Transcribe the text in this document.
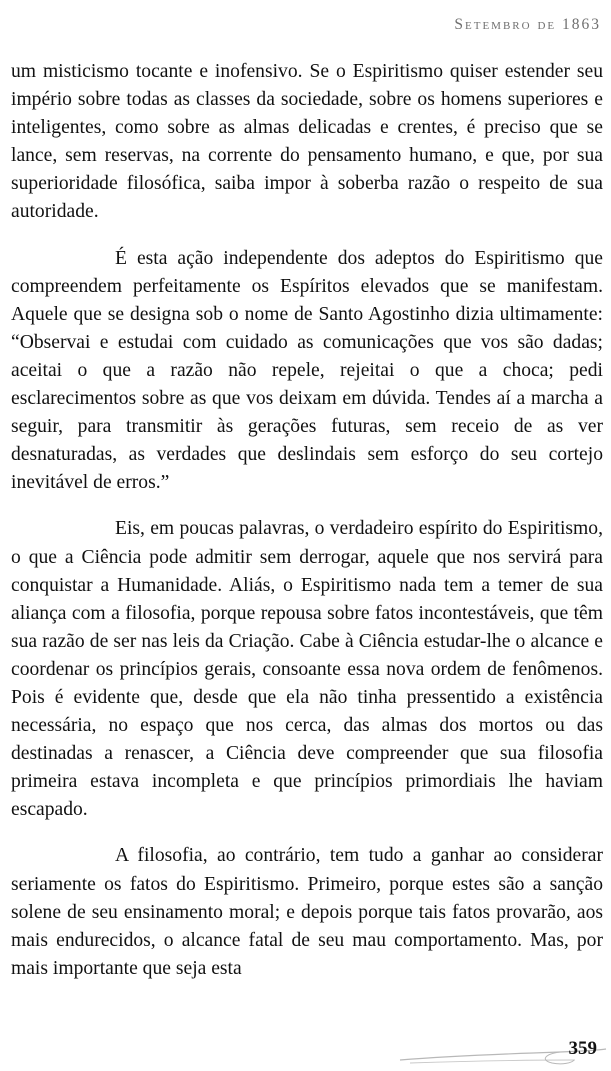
Setembro de 1863

um misticismo tocante e inofensivo. Se o Espiritismo quiser estender seu império sobre todas as classes da sociedade, sobre os homens superiores e inteligentes, como sobre as almas delicadas e crentes, é preciso que se lance, sem reservas, na corrente do pensamento humano, e que, por sua superioridade filosófica, saiba impor à soberba razão o respeito de sua autoridade.

É esta ação independente dos adeptos do Espiritismo que compreendem perfeitamente os Espíritos elevados que se manifestam. Aquele que se designa sob o nome de Santo Agostinho dizia ultimamente: “Observai e estudai com cuidado as comunicações que vos são dadas; aceitai o que a razão não repele, rejeitai o que a choca; pedi esclarecimentos sobre as que vos deixam em dúvida. Tendes aí a marcha a seguir, para transmitir às gerações futuras, sem receio de as ver desnaturadas, as verdades que deslindais sem esforço do seu cortejo inevitável de erros.”

Eis, em poucas palavras, o verdadeiro espírito do Espiritismo, o que a Ciência pode admitir sem derrogar, aquele que nos servirá para conquistar a Humanidade. Aliás, o Espiritismo nada tem a temer de sua aliança com a filosofia, porque repousa sobre fatos incontestáveis, que têm sua razão de ser nas leis da Criação. Cabe à Ciência estudar-lhe o alcance e coordenar os princípios gerais, consoante essa nova ordem de fenômenos. Pois é evidente que, desde que ela não tinha pressentido a existência necessária, no espaço que nos cerca, das almas dos mortos ou das destinadas a renascer, a Ciência deve compreender que sua filosofia primeira estava incompleta e que princípios primordiais lhe haviam escapado.

A filosofia, ao contrário, tem tudo a ganhar ao considerar seriamente os fatos do Espiritismo. Primeiro, porque estes são a sanção solene de seu ensinamento moral; e depois porque tais fatos provarão, aos mais endurecidos, o alcance fatal de seu mau comportamento. Mas, por mais importante que seja esta

359
